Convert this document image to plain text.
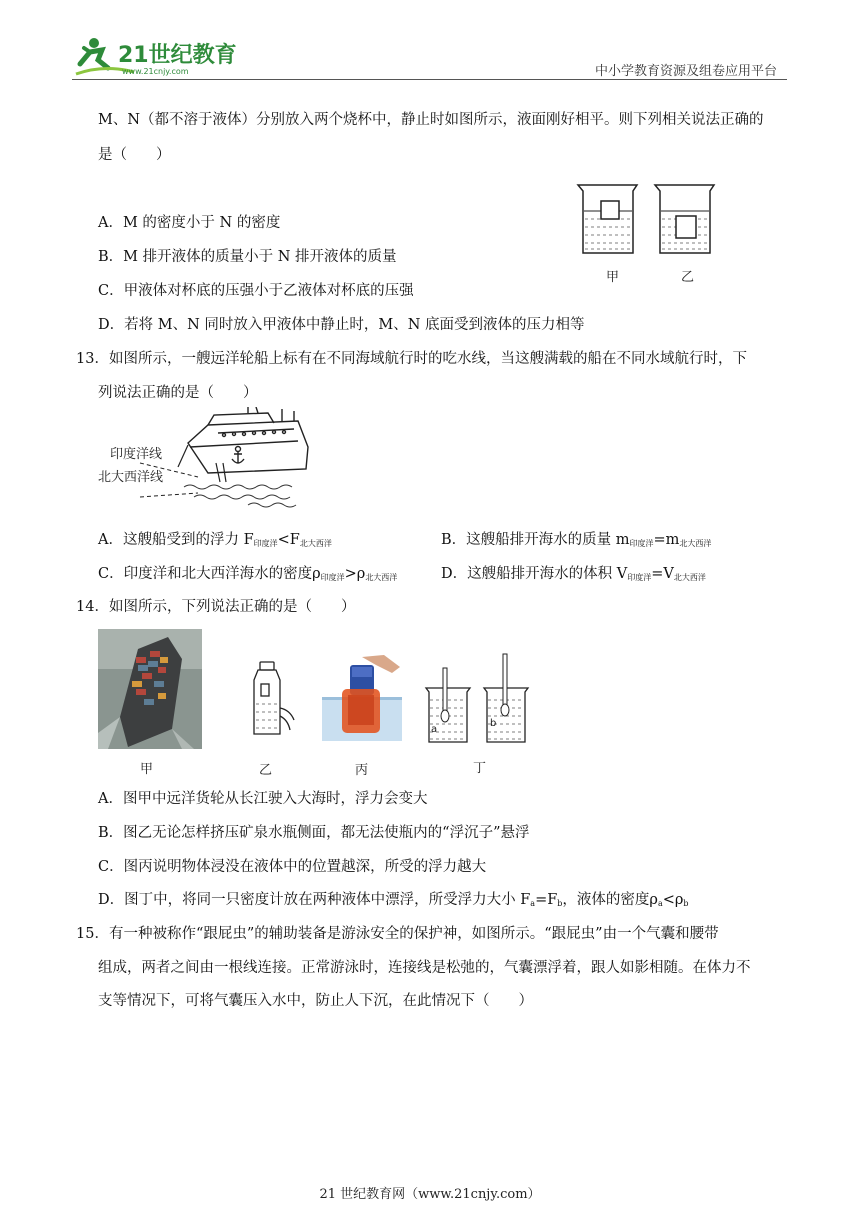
21世纪教育
www.21cnjy.com	中小学教育资源及组卷应用平台
M、N（都不溶于液体）分别放入两个烧杯中，静止时如图所示，液面刚好相平。则下列相关说法正确的
是（　　）
甲	乙
A．M 的密度小于 N 的密度
B．M 排开液体的质量小于 N 排开液体的质量
C．甲液体对杯底的压强小于乙液体对杯底的压强
D．若将 M、N 同时放入甲液体中静止时，M、N 底面受到液体的压力相等
13．如图所示，一艘远洋轮船上标有在不同海域航行时的吃水线，当这艘满载的船在不同水域航行时，下
列说法正确的是（　　）
印度洋线
北大西洋线
A．这艘船受到的浮力 $F_{印度洋}<F_{北大西洋}$	B．这艘船排开海水的质量 $m_{印度洋}=m_{北大西洋}$
C．印度洋和北大西洋海水的密度$\rho_{印度洋}>\rho_{北大西洋}$	D．这艘船排开海水的体积 $V_{印度洋}=V_{北大西洋}$
14．如图所示，下列说法正确的是（　　）
a
b
甲	乙	丙	丁
A．图甲中远洋货轮从长江驶入大海时，浮力会变大
B．图乙无论怎样挤压矿泉水瓶侧面，都无法使瓶内的“浮沉子”悬浮
C．图丙说明物体浸没在液体中的位置越深，所受的浮力越大
D．图丁中，将同一只密度计放在两种液体中漂浮，所受浮力大小 $F_a=F_b$，液体的密度$\rho_a<\rho_b$
15．有一种被称作“跟屁虫”的辅助装备是游泳安全的保护神，如图所示。“跟屁虫”由一个气囊和腰带
组成，两者之间由一根线连接。正常游泳时，连接线是松弛的，气囊漂浮着，跟人如影相随。在体力不
支等情况下，可将气囊压入水中，防止人下沉，在此情况下（　　）
21 世纪教育网（www.21cnjy.com）
